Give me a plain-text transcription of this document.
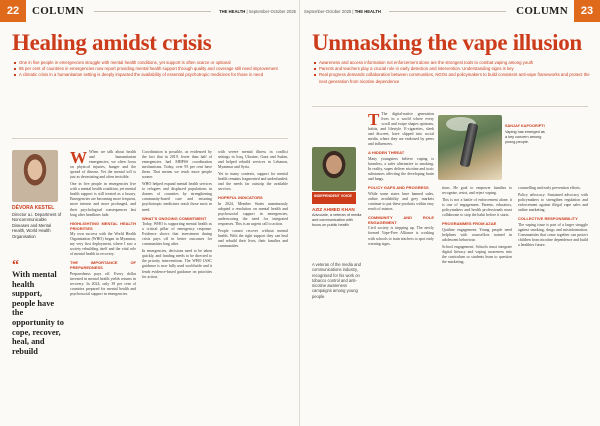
22	COLUMN	THE HEALTH | September-October 2025
Healing amidst crisis
One in five people in emergencies struggle with mental health conditions, yet support is often scarce or optional
85 per cent of countries in emergencies now report providing mental health support through quality and coverage still need improvement
A climatic crisis in a humanitarian setting is deeply impacted the availability of essential psychotropic medicines for those in need
DÉVORA KESTEL
Director a.i. Department of Noncommunicable Diseases and Mental Health, World Health Organisation
“
With mental health support, people have the opportunity to cope, recover, heal, and rebuild

W When we talk about health and humanitarian emergencies, we often focus on physical injuries, hunger and the spread of disease. Yet the mental toll is just as devastating and often invisible.

One in five people in emergencies live with a mental health condition, yet mental health support is still treated as a luxury. Emergencies are becoming more frequent, more intense and more prolonged, and their psychological consequences last long after headlines fade.

HIGHLIGHTING MENTAL HEALTH PRIORITIES

My own success with the World Health Organization (WHO) began in Myanmar, my very first deployment, where I saw a society rebuilding itself and the vital role of mental health in recovery.

THE IMPORTANCE OF PREPAREDNESS

Preparedness pays off. Every dollar invested in mental health yields returns in recovery. In 2024, only 39 per cent of countries prepared for mental health and psychosocial support in emergencies.

Coordination is possible, as evidenced by the fact that in 2019, fewer than half of emergencies had MHPSS coordination mechanisms. Today, over 95 per cent have them. That means we reach more people sooner.

WHO helped expand mental health services to refugees and displaced populations in dozens of countries by strengthening community-based care and ensuring psychotropic medicines reach those most in need.

WHAT'S ONGOING COMMITMENT

Today, WHO is supporting mental health as a critical pillar of emergency response. Evidence shows that investment during crisis pays off in better outcomes for communities long after.

In emergencies, decisions need to be taken quickly, and funding needs to be directed to the priority interventions. The WHO IASC guidance is now fully used worldwide and it lends evidence-based guidance on priorities for action.

with severe mental illness in conflict settings in Iraq, Ukraine, Gaza and Sudan, and helped rebuild services in Lebanon, Myanmar and Syria.

Yet in many contexts, support for mental health remains fragmented and underfunded, and the needs far outstrip the available services.

HOPEFUL INDICATORS

In 2024, Member States unanimously adopted a resolution on mental health and psychosocial support in emergencies, underscoring the need for integrated responses. This is an urgent call to action.

People cannot recover without mental health. With the right support they can heal and rebuild their lives, their families and communities.

September-October 2025 | THE HEALTH	COLUMN	23
Unmasking the vape illusion
Awareness and access information not enforcement alone are the strongest tools to combat vaping among youth
Parents and teachers play a crucial role in early detection and intervention. Understanding signs is key
Real progress demands collaboration between communities, NGOs and policymakers to build consistent anti-vape frameworks and protect the next generation from nicotine dependence
SANJAY KAPOOR/PTI
Vaping has emerged as a key concern among young people.
INDEPENDENT VOICE
AZIZ AHMED KHAN
Advocate, a veteran of media and communication with focus on public health
A veteran of the media and communications industry, recognised for his work on tobacco control and anti-nicotine awareness campaigns among young people.

T The digital-native generation lives in a world where every scroll and swipe shapes opinions, habits, and lifestyle. E-cigarettes, sleek and discreet, have slipped into social media, where they are endorsed by peers and influencers.

A HIDDEN THREAT

Many youngsters believe vaping is harmless, a safer alternative to smoking. In reality, vapes deliver nicotine and toxic substances affecting the developing brain and lungs.

POLICY GAPS AND PROGRESS

While some states have banned sales, online availability and grey markets continue to put these products within easy reach of minors.

COMMUNITY AND ROLE ENGAGEMENT

Civil society is stepping up. The newly formed Vape-Free Alliance is working with schools to train teachers to spot early warning signs.

tions. He goal to empower families to recognise, resist, and reject vaping.

This is not a battle of enforcement alone, it is one of engagement. Parents, educators, policymakers and health professionals must collaborate to stop the habit before it starts.

PROGRAMMES FROM AZAE

Quitline engagement: Young people need helplines with counsellors trained in adolescent behaviour.

School engagement: Schools must integrate digital literacy and vaping awareness into the curriculum so students learn to question the marketing.

counselling and early prevention efforts.

Policy advocacy: Sustained advocacy with policymakers to strengthen regulation and enforcement against illegal vape sales and online marketing.

COLLECTIVE RESPONSIBILITY

The vaping issue is part of a larger struggle against smoking, drugs and misinformation. Communities that come together can protect children from nicotine dependence and build a healthier future.
